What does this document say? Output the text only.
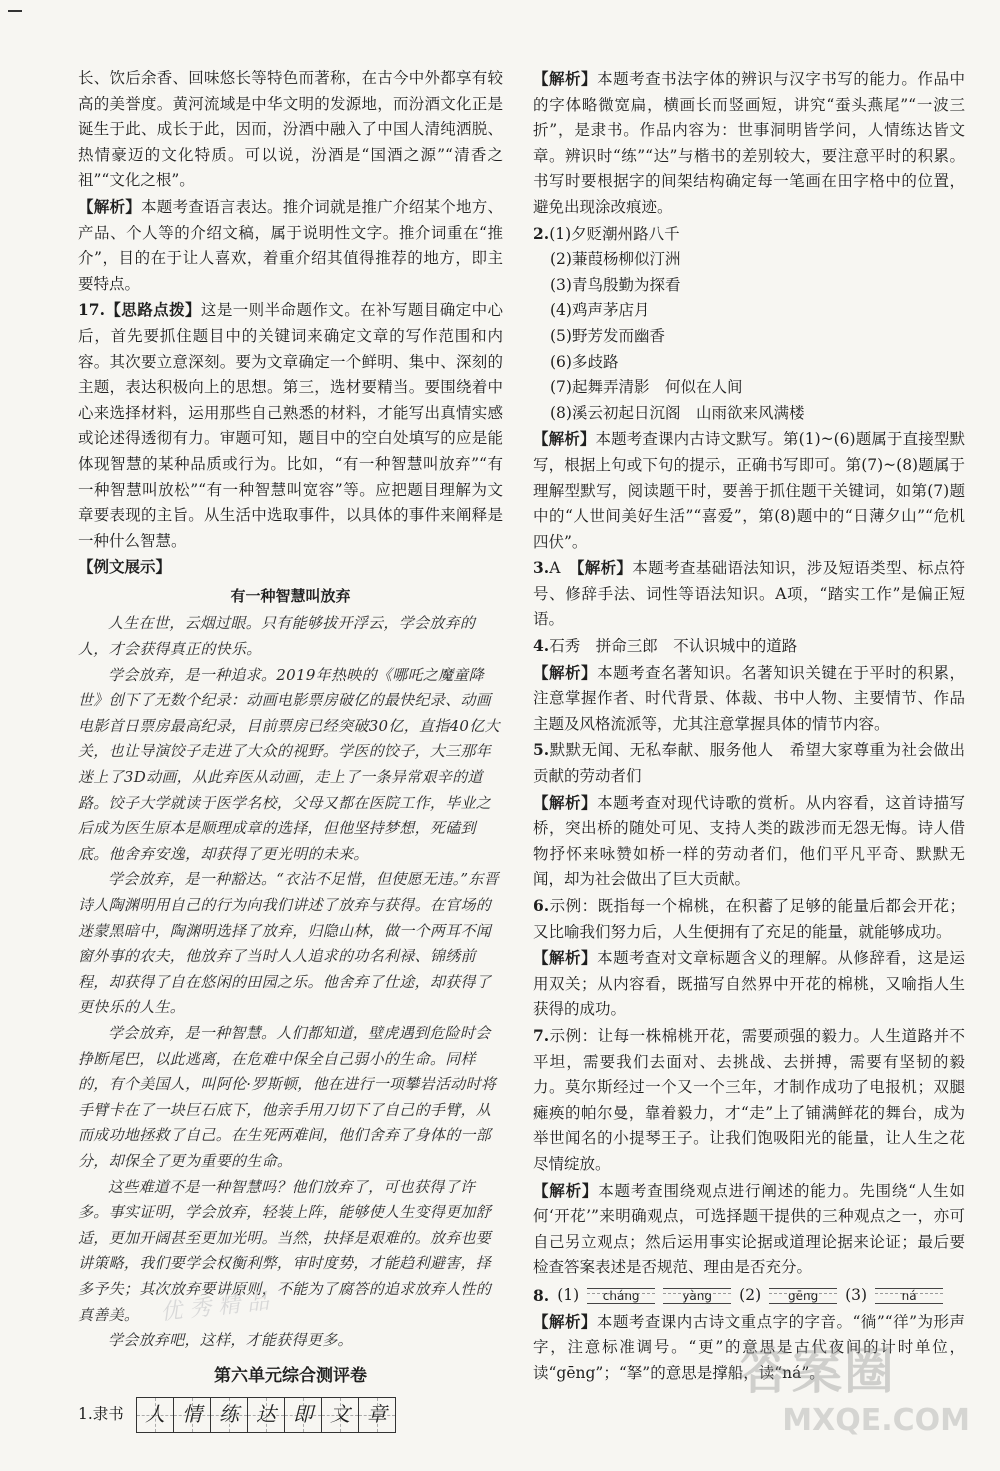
长、饮后余香、回味悠长等特色而著称，在古今中外都享有较高的美誉度。黄河流域是中华文明的发源地，而汾酒文化正是诞生于此、成长于此，因而，汾酒中融入了中国人清纯洒脱、热情豪迈的文化特质。可以说，汾酒是“国酒之源”“清香之祖”“文化之根”。

【解析】本题考查语言表达。推介词就是推广介绍某个地方、产品、个人等的介绍文稿，属于说明性文字。推介词重在“推介”，目的在于让人喜欢，着重介绍其值得推荐的地方，即主要特点。

17.【思路点拨】这是一则半命题作文。在补写题目确定中心后，首先要抓住题目中的关键词来确定文章的写作范围和内容。其次要立意深刻。要为文章确定一个鲜明、集中、深刻的主题，表达积极向上的思想。第三，选材要精当。要围绕着中心来选择材料，运用那些自己熟悉的材料，才能写出真情实感或论述得透彻有力。审题可知，题目中的空白处填写的应是能体现智慧的某种品质或行为。比如，“有一种智慧叫放弃”“有一种智慧叫放松”“有一种智慧叫宽容”等。应把题目理解为文章要表现的主旨。从生活中选取事件，以具体的事件来阐释是一种什么智慧。

【例文展示】

有一种智慧叫放弃

人生在世，云烟过眼。只有能够拔开浮云，学会放弃的人，才会获得真正的快乐。

学会放弃，是一种追求。2019年热映的《哪吒之魔童降世》创下了无数个纪录：动画电影票房破亿的最快纪录、动画电影首日票房最高纪录，目前票房已经突破30亿，直指40亿大关，也让导演饺子走进了大众的视野。学医的饺子，大三那年迷上了3D动画，从此弃医从动画，走上了一条异常艰辛的道路。饺子大学就读于医学名校，父母又都在医院工作，毕业之后成为医生原本是顺理成章的选择，但他坚持梦想，死磕到底。他舍弃安逸，却获得了更光明的未来。

学会放弃，是一种豁达。“衣沾不足惜，但使愿无违。”东晋诗人陶渊明用自己的行为向我们讲述了放弃与获得。在官场的迷蒙黑暗中，陶渊明选择了放弃，归隐山林，做一个两耳不闻窗外事的农夫，他放弃了当时人人追求的功名利禄、锦绣前程，却获得了自在悠闲的田园之乐。他舍弃了仕途，却获得了更快乐的人生。

学会放弃，是一种智慧。人们都知道，壁虎遇到危险时会挣断尾巴，以此逃离，在危难中保全自己弱小的生命。同样的，有个美国人，叫阿伦·罗斯顿，他在进行一项攀岩活动时将手臂卡在了一块巨石底下，他亲手用刀切下了自己的手臂，从而成功地拯救了自己。在生死两难间，他们舍弃了身体的一部分，却保全了更为重要的生命。

这些难道不是一种智慧吗？他们放弃了，可也获得了许多。事实证明，学会放弃，轻装上阵，能够使人生变得更加舒适，更加开阔甚至更加光明。当然，抉择是艰难的。放弃也要讲策略，我们要学会权衡利弊，审时度势，才能趋利避害，择多予失；其次放弃要讲原则，不能为了腐答的追求放弃人性的真善美。

学会放弃吧，这样，才能获得更多。

第六单元综合测评卷

1.隶书	人 情 练 达 即 文 章
优 秀 精 品

【解析】本题考查书法字体的辨识与汉字书写的能力。作品中的字体略微宽扁，横画长而竖画短，讲究“蚕头燕尾”“一波三折”，是隶书。作品内容为：世事洞明皆学问，人情练达皆文章。辨识时“练”“达”与楷书的差别较大，要注意平时的积累。书写时要根据字的间架结构确定每一笔画在田字格中的位置，避免出现涂改痕迹。

2.(1)夕贬潮州路八千

(2)蒹葭杨柳似汀洲

(3)青鸟殷勤为探看

(4)鸡声茅店月

(5)野芳发而幽香

(6)多歧路

(7)起舞弄清影　何似在人间

(8)溪云初起日沉阁　山雨欲来风满楼

【解析】本题考查课内古诗文默写。第(1)~(6)题属于直接型默写，根据上句或下句的提示，正确书写即可。第(7)~(8)题属于理解型默写，阅读题干时，要善于抓住题干关键词，如第(7)题中的“人世间美好生活”“喜爱”，第(8)题中的“日薄夕山”“危机四伏”。

3.A　 【解析】本题考查基础语法知识，涉及短语类型、标点符号、修辞手法、词性等语法知识。A项，“踏实工作”是偏正短语。

4.石秀　拼命三郎　不认识城中的道路

【解析】本题考查名著知识。名著知识关键在于平时的积累，注意掌握作者、时代背景、体裁、书中人物、主要情节、作品主题及风格流派等，尤其注意掌握具体的情节内容。

5.默默无闻、无私奉献、服务他人　希望大家尊重为社会做出贡献的劳动者们

【解析】本题考查对现代诗歌的赏析。从内容看，这首诗描写桥，突出桥的随处可见、支持人类的跋涉而无怨无悔。诗人借物抒怀来咏赞如桥一样的劳动者们，他们平凡平奇、默默无闻，却为社会做出了巨大贡献。

6.示例：既指每一个棉桃，在积蓄了足够的能量后都会开花；又比喻我们努力后，人生便拥有了充足的能量，就能够成功。

【解析】本题考查对文章标题含义的理解。从修辞看，这是运用双关；从内容看，既描写自然界中开花的棉桃，又喻指人生获得的成功。

7.示例：让每一株棉桃开花，需要顽强的毅力。人生道路并不平坦，需要我们去面对、去挑战、去拼搏，需要有坚韧的毅力。莫尔斯经过一个又一个三年，才制作成功了电报机；双腿瘫痪的帕尔曼，靠着毅力，才“走”上了铺满鲜花的舞台，成为举世闻名的小提琴王子。让我们饱吸阳光的能量，让人生之花尽情绽放。

【解析】本题考查围绕观点进行阐述的能力。先围绕“人生如何‘开花’”来明确观点，可选择题干提供的三种观点之一，亦可自己另立观点；然后运用事实论据或道理论据来论证；最后要检查答案表述是否规范、理由是否充分。

8. (1)	cháng	yàng	(2)	gēng	(3)	ná

【解析】本题考查课内古诗文重点字的字音。“徜”“徉”为形声字，注意标准调号。“更”的意思是古代夜间的计时单位，读“gēng”；“拏”的意思是撑船，读“ná”。

答案圈
MXQE.COM
